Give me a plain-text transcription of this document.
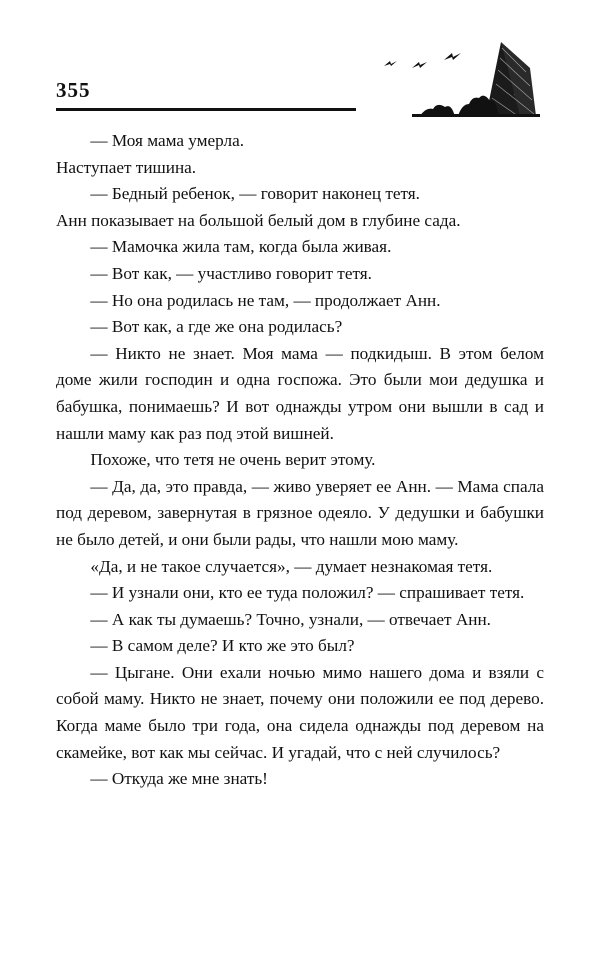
355

— Моя мама умерла.

Наступает тишина.

— Бедный ребенок, — говорит наконец тетя.

Анн показывает на большой белый дом в глубине сада.

— Мамочка жила там, когда была живая.

— Вот как, — участливо говорит тетя.

— Но она родилась не там, — продолжает Анн.

— Вот как, а где же она родилась?

— Никто не знает. Моя мама — подкидыш. В этом белом доме жили господин и одна госпожа. Это были мои дедушка и бабушка, понимаешь? И вот однажды утром они вышли в сад и нашли маму как раз под этой вишней.

Похоже, что тетя не очень верит этому.

— Да, да, это правда, — живо уверяет ее Анн. — Мама спала под деревом, завернутая в грязное одеяло. У дедушки и бабушки не было детей, и они были рады, что нашли мою маму.

«Да, и не такое случается», — думает незнакомая тетя.

— И узнали они, кто ее туда положил? — спрашивает тетя.

— А как ты думаешь? Точно, узнали, — отвечает Анн.

— В самом деле? И кто же это был?

— Цыгане. Они ехали ночью мимо нашего дома и взяли с собой маму. Никто не знает, почему они положили ее под дерево. Когда маме было три года, она сидела однажды под деревом на скамейке, вот как мы сейчас. И угадай, что с ней случилось?

— Откуда же мне знать!
